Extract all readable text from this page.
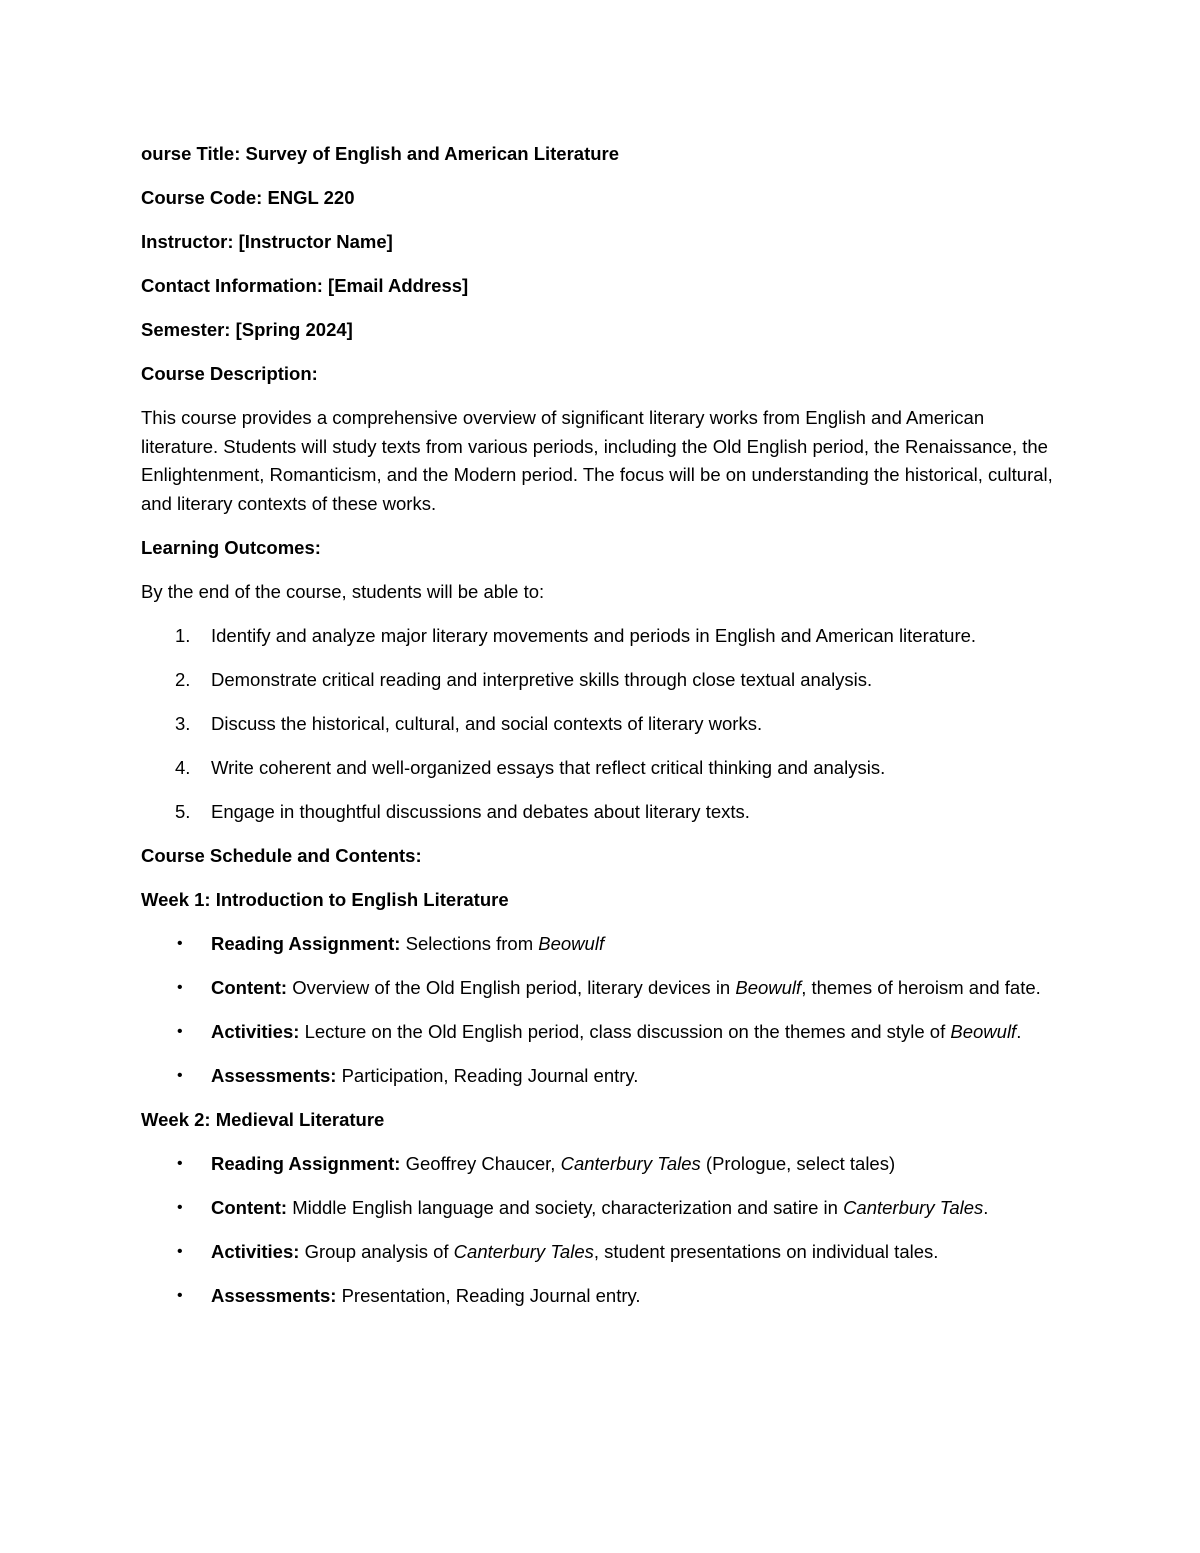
ourse Title: Survey of English and American Literature

Course Code: ENGL 220

Instructor: [Instructor Name]

Contact Information: [Email Address]

Semester: [Spring 2024]

Course Description:

This course provides a comprehensive overview of significant literary works from English and American literature. Students will study texts from various periods, including the Old English period, the Renaissance, the Enlightenment, Romanticism, and the Modern period. The focus will be on understanding the historical, cultural, and literary contexts of these works.

Learning Outcomes:

By the end of the course, students will be able to:

1. Identify and analyze major literary movements and periods in English and American literature.
2. Demonstrate critical reading and interpretive skills through close textual analysis.
3. Discuss the historical, cultural, and social contexts of literary works.
4. Write coherent and well-organized essays that reflect critical thinking and analysis.
5. Engage in thoughtful discussions and debates about literary texts.

Course Schedule and Contents:

Week 1: Introduction to English Literature

• Reading Assignment: Selections from Beowulf
• Content: Overview of the Old English period, literary devices in Beowulf, themes of heroism and fate.
• Activities: Lecture on the Old English period, class discussion on the themes and style of Beowulf.
• Assessments: Participation, Reading Journal entry.

Week 2: Medieval Literature

• Reading Assignment: Geoffrey Chaucer, Canterbury Tales (Prologue, select tales)
• Content: Middle English language and society, characterization and satire in Canterbury Tales.
• Activities: Group analysis of Canterbury Tales, student presentations on individual tales.
• Assessments: Presentation, Reading Journal entry.
